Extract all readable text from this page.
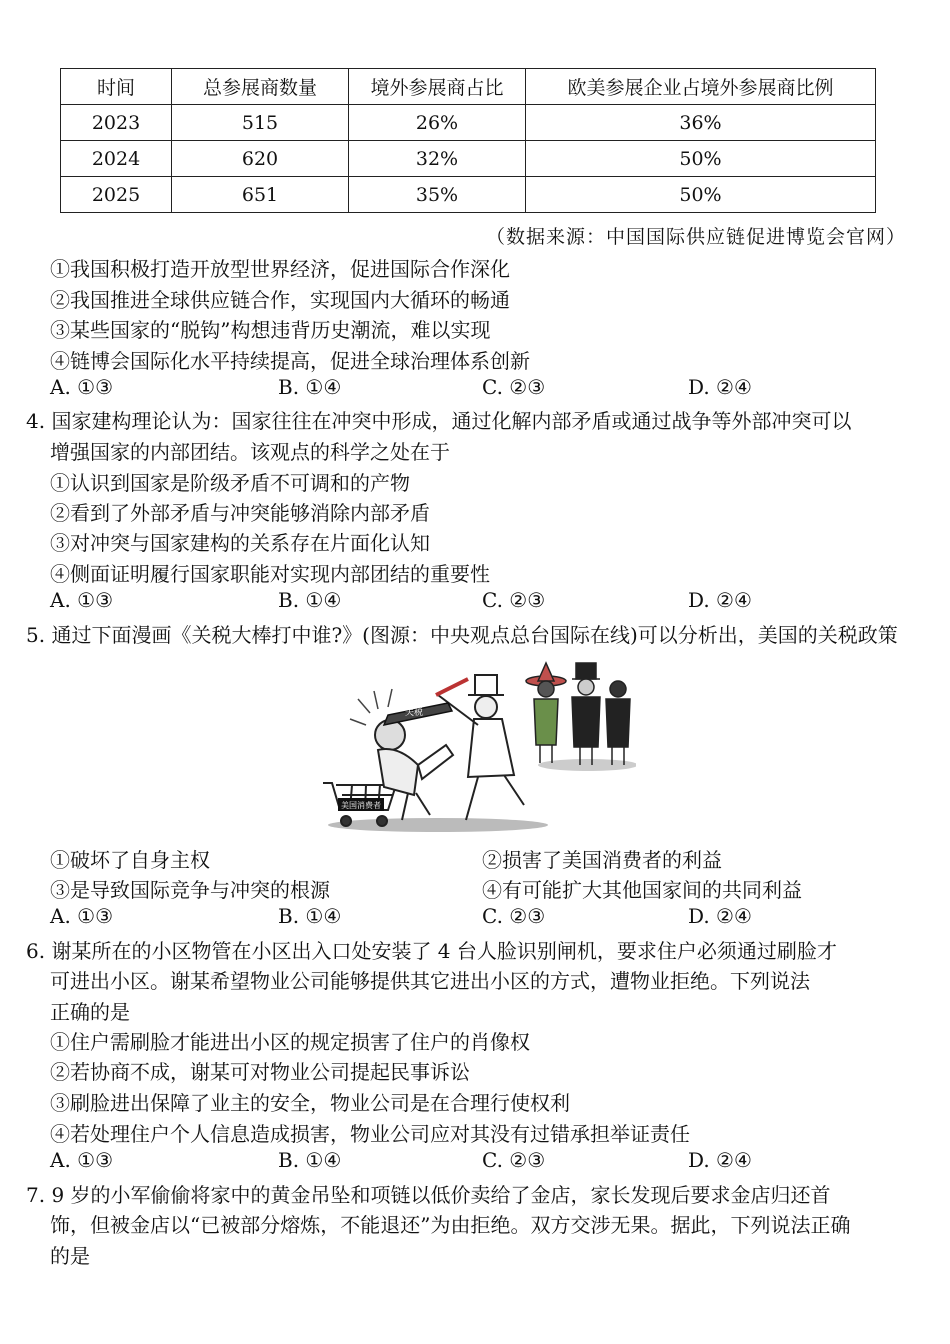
时间	总参展商数量	境外参展商占比	欧美参展企业占境外参展商比例
2023	515	26%	36%
2024	620	32%	50%
2025	651	35%	50%
（数据来源：中国国际供应链促进博览会官网）
①我国积极打造开放型世界经济，促进国际合作深化
②我国推进全球供应链合作，实现国内大循环的畅通
③某些国家的“脱钩”构想违背历史潮流，难以实现
④链博会国际化水平持续提高，促进全球治理体系创新
A. ①③	B. ①④	C. ②③	D. ②④
4. 国家建构理论认为：国家往往在冲突中形成，通过化解内部矛盾或通过战争等外部冲突可以
增强国家的内部团结。该观点的科学之处在于
①认识到国家是阶级矛盾不可调和的产物
②看到了外部矛盾与冲突能够消除内部矛盾
③对冲突与国家建构的关系存在片面化认知
④侧面证明履行国家职能对实现内部团结的重要性
A. ①③	B. ①④	C. ②③	D. ②④
5. 通过下面漫画《关税大棒打中谁?》(图源：中央观点总台国际在线)可以分析出，美国的关税政策
美国消费者
关税
①破坏了自身主权	②损害了美国消费者的利益
③是导致国际竞争与冲突的根源	④有可能扩大其他国家间的共同利益
A. ①③	B. ①④	C. ②③	D. ②④
6. 谢某所在的小区物管在小区出入口处安装了 4 台人脸识别闸机，要求住户必须通过刷脸才
可进出小区。谢某希望物业公司能够提供其它进出小区的方式，遭物业拒绝。下列说法
正确的是
①住户需刷脸才能进出小区的规定损害了住户的肖像权
②若协商不成，谢某可对物业公司提起民事诉讼
③刷脸进出保障了业主的安全，物业公司是在合理行使权利
④若处理住户个人信息造成损害，物业公司应对其没有过错承担举证责任
A. ①③	B. ①④	C. ②③	D. ②④
7. 9 岁的小军偷偷将家中的黄金吊坠和项链以低价卖给了金店，家长发现后要求金店归还首
饰，但被金店以“已被部分熔炼，不能退还”为由拒绝。双方交涉无果。据此，下列说法正确
的是
